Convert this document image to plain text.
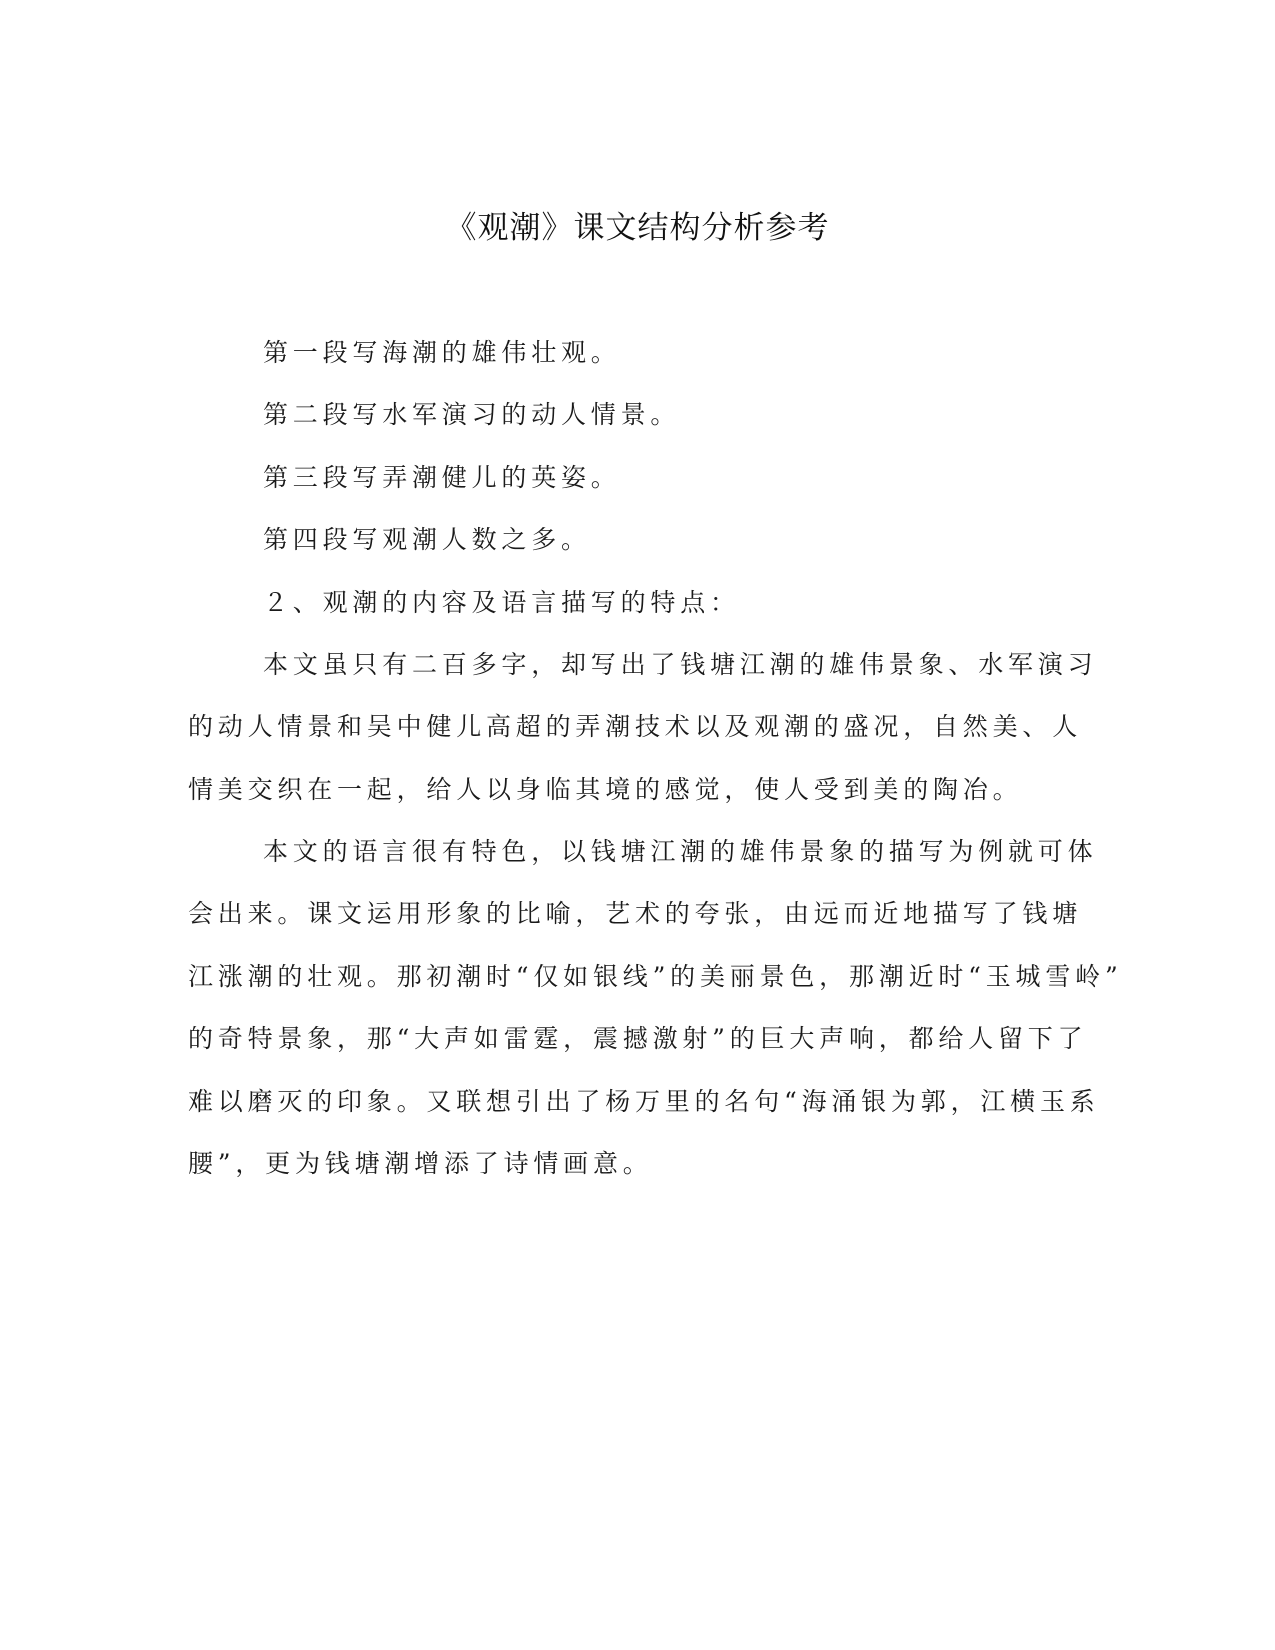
《观潮》课文结构分析参考
第一段写海潮的雄伟壮观。
第二段写水军演习的动人情景。
第三段写弄潮健儿的英姿。
第四段写观潮人数之多。
２、观潮的内容及语言描写的特点：
本文虽只有二百多字，却写出了钱塘江潮的雄伟景象、水军演习
的动人情景和吴中健儿高超的弄潮技术以及观潮的盛况，自然美、人
情美交织在一起，给人以身临其境的感觉，使人受到美的陶冶。
本文的语言很有特色，以钱塘江潮的雄伟景象的描写为例就可体
会出来。课文运用形象的比喻，艺术的夸张，由远而近地描写了钱塘
江涨潮的壮观。那初潮时“仅如银线”的美丽景色，那潮近时“玉城雪岭”
的奇特景象，那“大声如雷霆，震撼激射”的巨大声响，都给人留下了
难以磨灭的印象。又联想引出了杨万里的名句“海涌银为郭，江横玉系
腰”，更为钱塘潮增添了诗情画意。
